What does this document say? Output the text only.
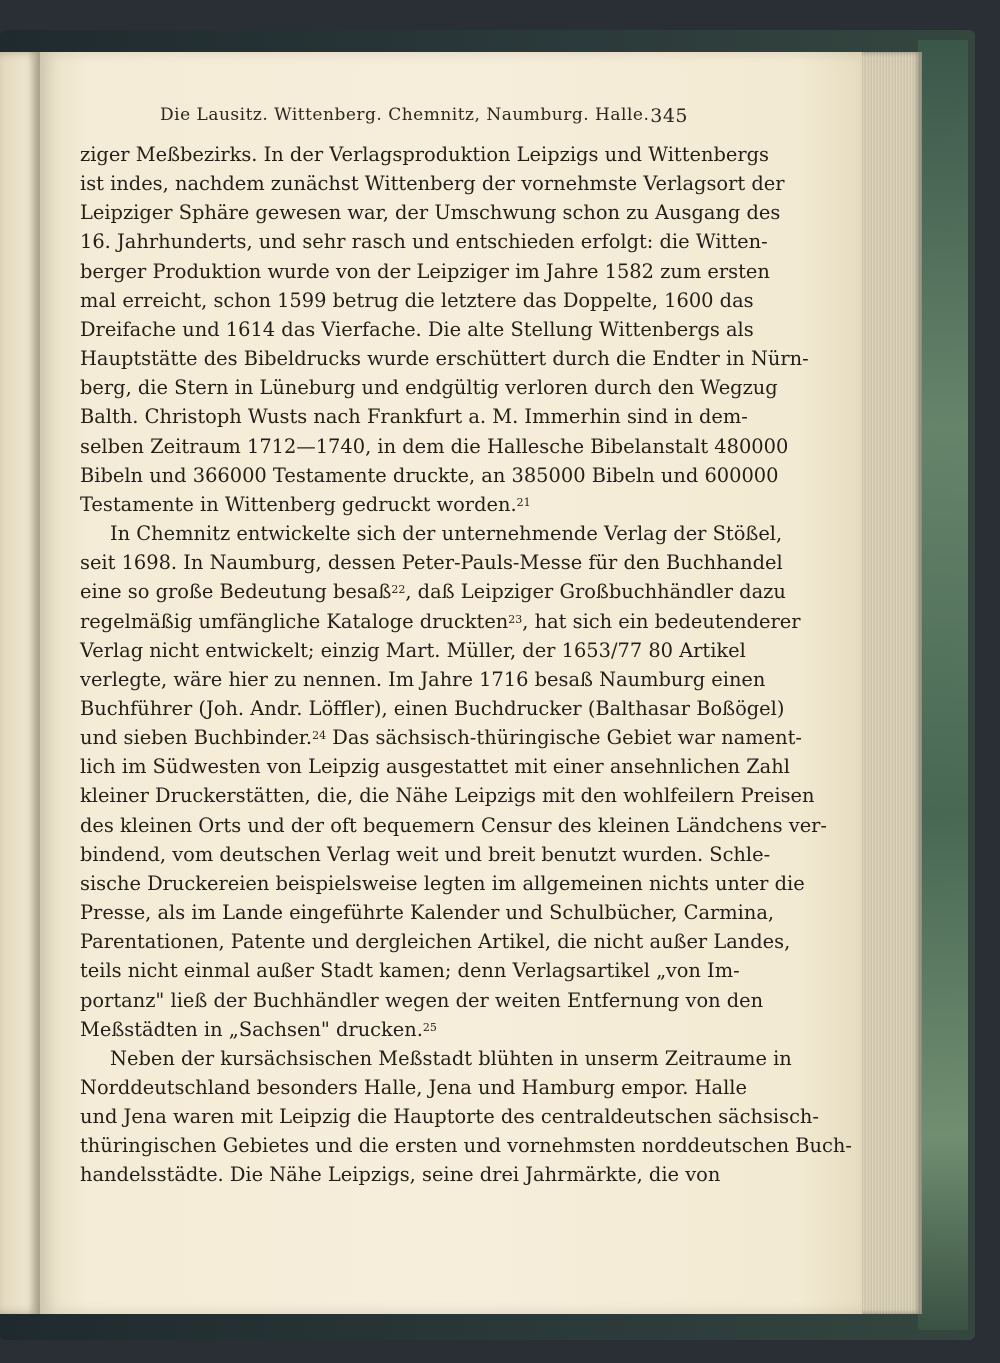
Die Lausitz. Wittenberg. Chemnitz, Naumburg. Halle. 345
ziger Meßbezirks. In der Verlagsproduktion Leipzigs und Wittenbergs
ist indes, nachdem zunächst Wittenberg der vornehmste Verlagsort der
Leipziger Sphäre gewesen war, der Umschwung schon zu Ausgang des
16. Jahrhunderts, und sehr rasch und entschieden erfolgt: die Witten-
berger Produktion wurde von der Leipziger im Jahre 1582 zum ersten
mal erreicht, schon 1599 betrug die letztere das Doppelte, 1600 das
Dreifache und 1614 das Vierfache. Die alte Stellung Wittenbergs als
Hauptstätte des Bibeldrucks wurde erschüttert durch die Endter in Nürn-
berg, die Stern in Lüneburg und endgültig verloren durch den Wegzug
Balth. Christoph Wusts nach Frankfurt a. M. Immerhin sind in dem-
selben Zeitraum 1712—1740, in dem die Hallesche Bibelanstalt 480000
Bibeln und 366000 Testamente druckte, an 385000 Bibeln und 600000
Testamente in Wittenberg gedruckt worden.$^{21}$
In Chemnitz entwickelte sich der unternehmende Verlag der Stößel,
seit 1698. In Naumburg, dessen Peter-Pauls-Messe für den Buchhandel
eine so große Bedeutung besaß$^{22}$, daß Leipziger Großbuchhändler dazu
regelmäßig umfängliche Kataloge druckten$^{23}$, hat sich ein bedeutenderer
Verlag nicht entwickelt; einzig Mart. Müller, der 1653/77 80 Artikel
verlegte, wäre hier zu nennen. Im Jahre 1716 besaß Naumburg einen
Buchführer (Joh. Andr. Löffler), einen Buchdrucker (Balthasar Boßögel)
und sieben Buchbinder.$^{24}$ Das sächsisch-thüringische Gebiet war nament-
lich im Südwesten von Leipzig ausgestattet mit einer ansehnlichen Zahl
kleiner Druckerstätten, die, die Nähe Leipzigs mit den wohlfeilern Preisen
des kleinen Orts und der oft bequemern Censur des kleinen Ländchens ver-
bindend, vom deutschen Verlag weit und breit benutzt wurden. Schle-
sische Druckereien beispielsweise legten im allgemeinen nichts unter die
Presse, als im Lande eingeführte Kalender und Schulbücher, Carmina,
Parentationen, Patente und dergleichen Artikel, die nicht außer Landes,
teils nicht einmal außer Stadt kamen; denn Verlagsartikel „von Im-
portanz" ließ der Buchhändler wegen der weiten Entfernung von den
Meßstädten in „Sachsen" drucken.$^{25}$
Neben der kursächsischen Meßstadt blühten in unserm Zeitraume in
Norddeutschland besonders Halle, Jena und Hamburg empor. Halle
und Jena waren mit Leipzig die Hauptorte des centraldeutschen sächsisch-
thüringischen Gebietes und die ersten und vornehmsten norddeutschen Buch-
handelsstädte. Die Nähe Leipzigs, seine drei Jahrmärkte, die von
